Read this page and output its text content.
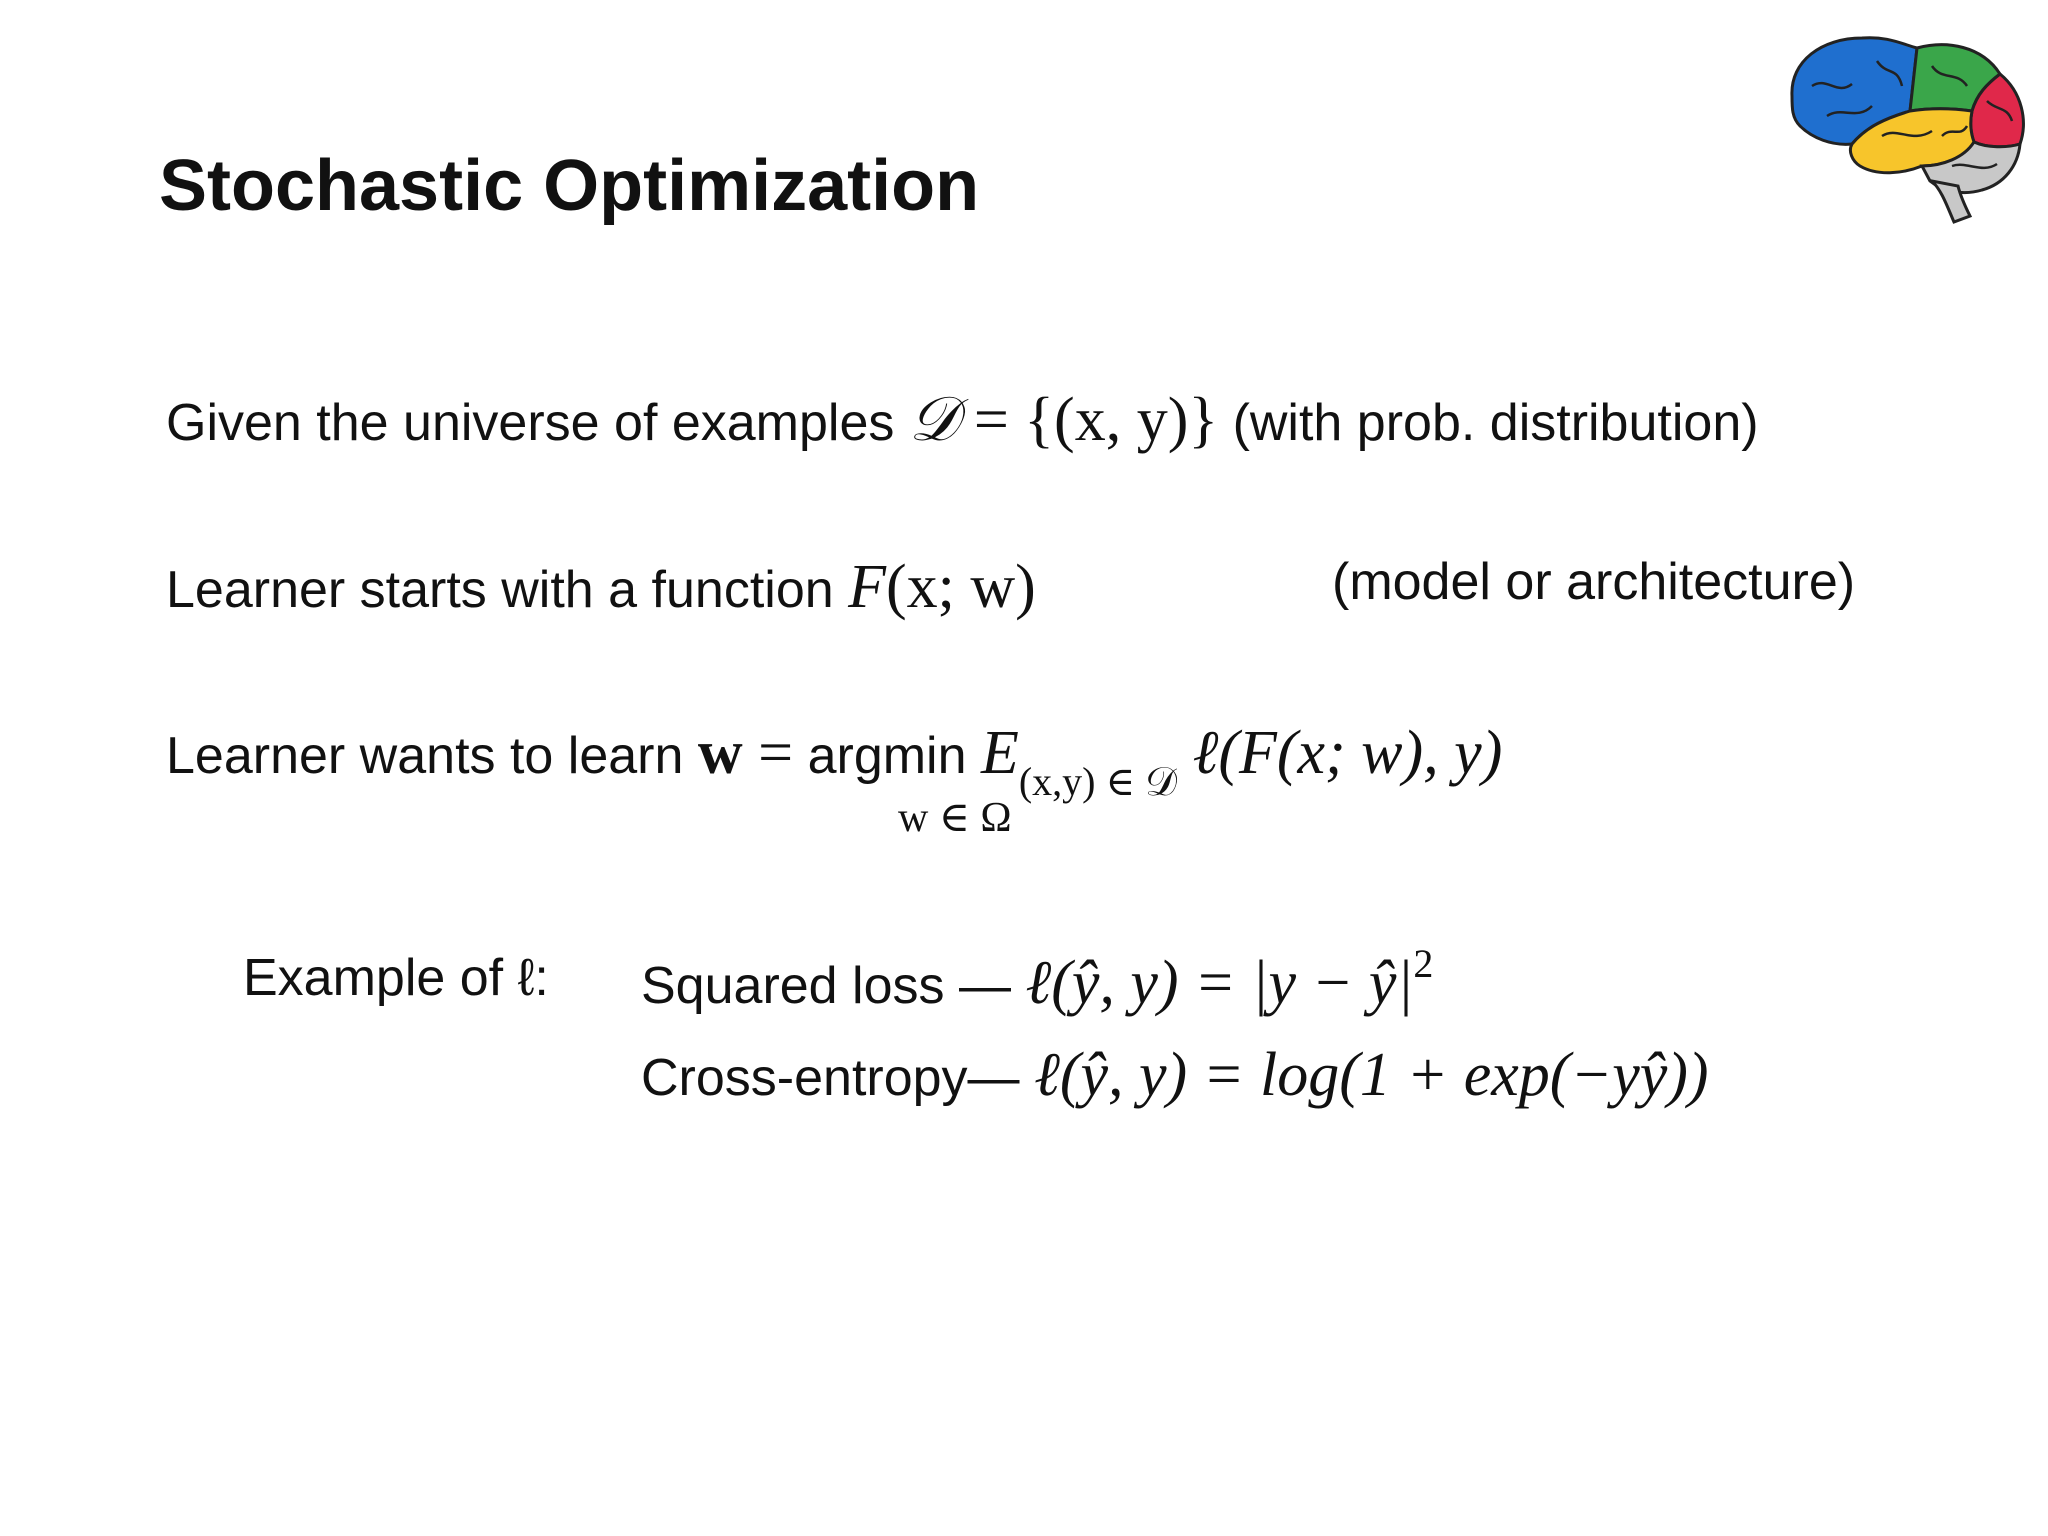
Stochastic Optimization
Given the universe of examples 𝒟 = {(x, y)} (with prob. distribution)
Learner starts with a function F(x; w)	(model or architecture)
Learner wants to learn w = argmin $E_{(x,y) \in 𝒟}$ ℓ(F(x; w), y)
w ∈ Ω
Example of ℓ: Squared loss — ℓ(ŷ, $y) = |y - ŷ|^2$
Cross-entropy— ℓ(ŷ, y) = log(1 + exp(−yŷ))
